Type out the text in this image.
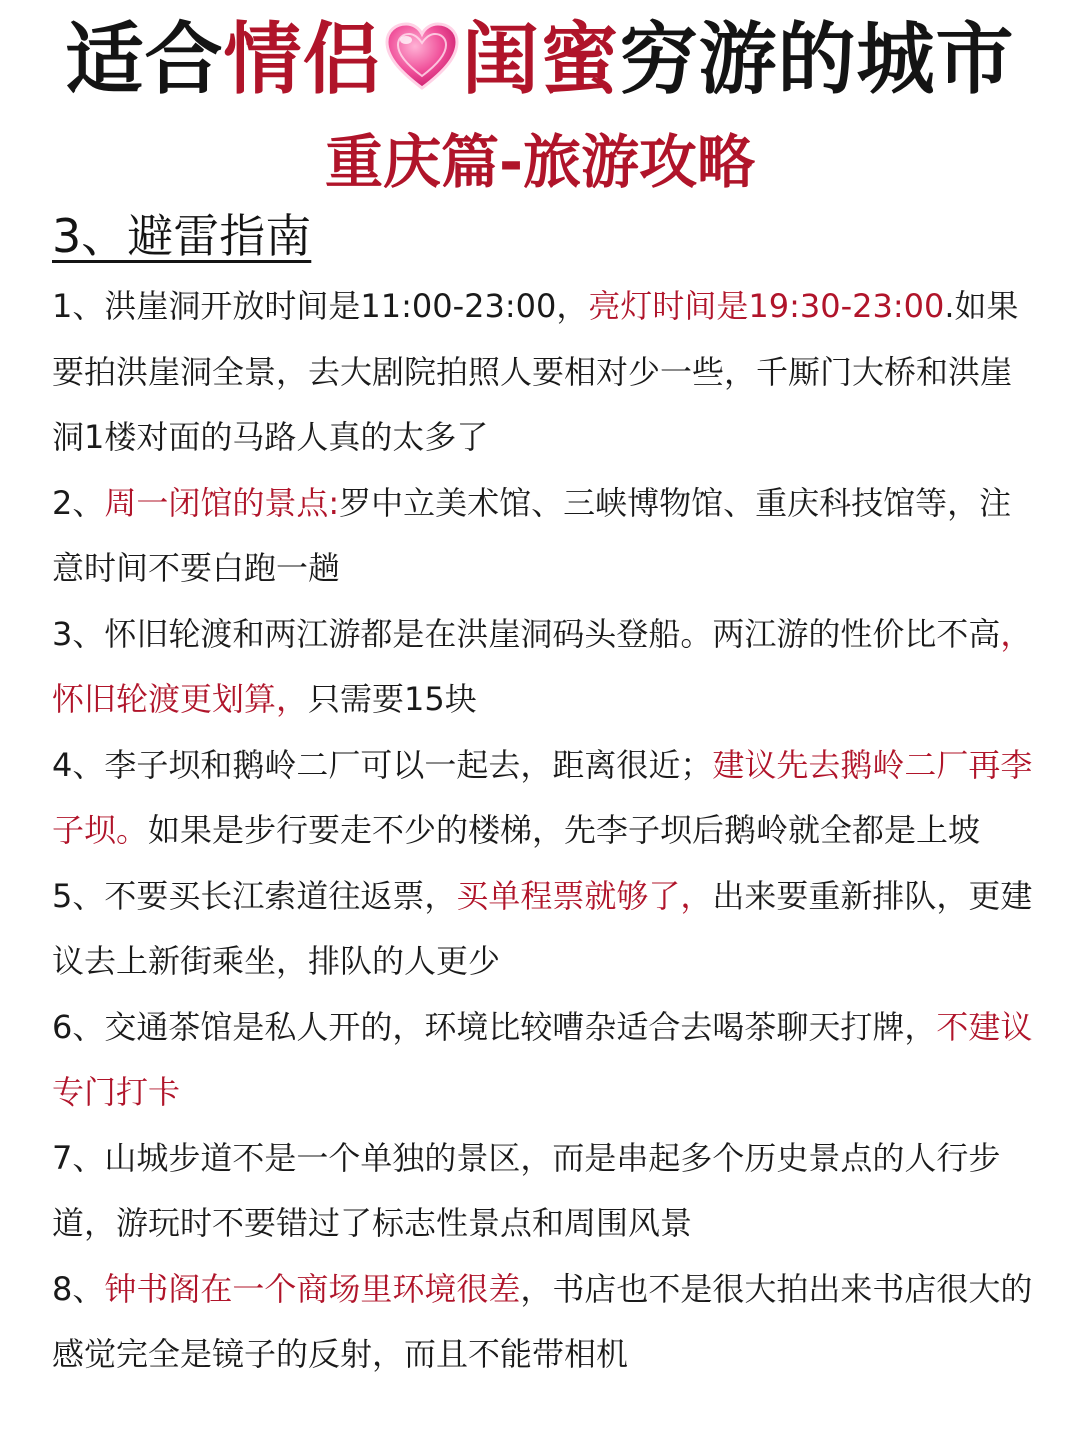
适合情侣 闺蜜穷游的城市
重庆篇-旅游攻略
3、避雷指南

1、洪崖洞开放时间是11:00-23:00，亮灯时间是19:30-23:00.如果要拍洪崖洞全景，去大剧院拍照人要相对少一些，千厮门大桥和洪崖洞1楼对面的马路人真的太多了

2、周一闭馆的景点:罗中立美术馆、三峡博物馆、重庆科技馆等，注意时间不要白跑一趟

3、怀旧轮渡和两江游都是在洪崖洞码头登船。两江游的性价比不高，怀旧轮渡更划算，只需要15块

4、李子坝和鹅岭二厂可以一起去，距离很近；建议先去鹅岭二厂再李子坝。如果是步行要走不少的楼梯，先李子坝后鹅岭就全都是上坡

5、不要买长江索道往返票，买单程票就够了，出来要重新排队，更建议去上新街乘坐，排队的人更少

6、交通茶馆是私人开的，环境比较嘈杂适合去喝茶聊天打牌，不建议专门打卡

7、山城步道不是一个单独的景区，而是串起多个历史景点的人行步道，游玩时不要错过了标志性景点和周围风景

8、钟书阁在一个商场里环境很差，书店也不是很大拍出来书店很大的感觉完全是镜子的反射，而且不能带相机
